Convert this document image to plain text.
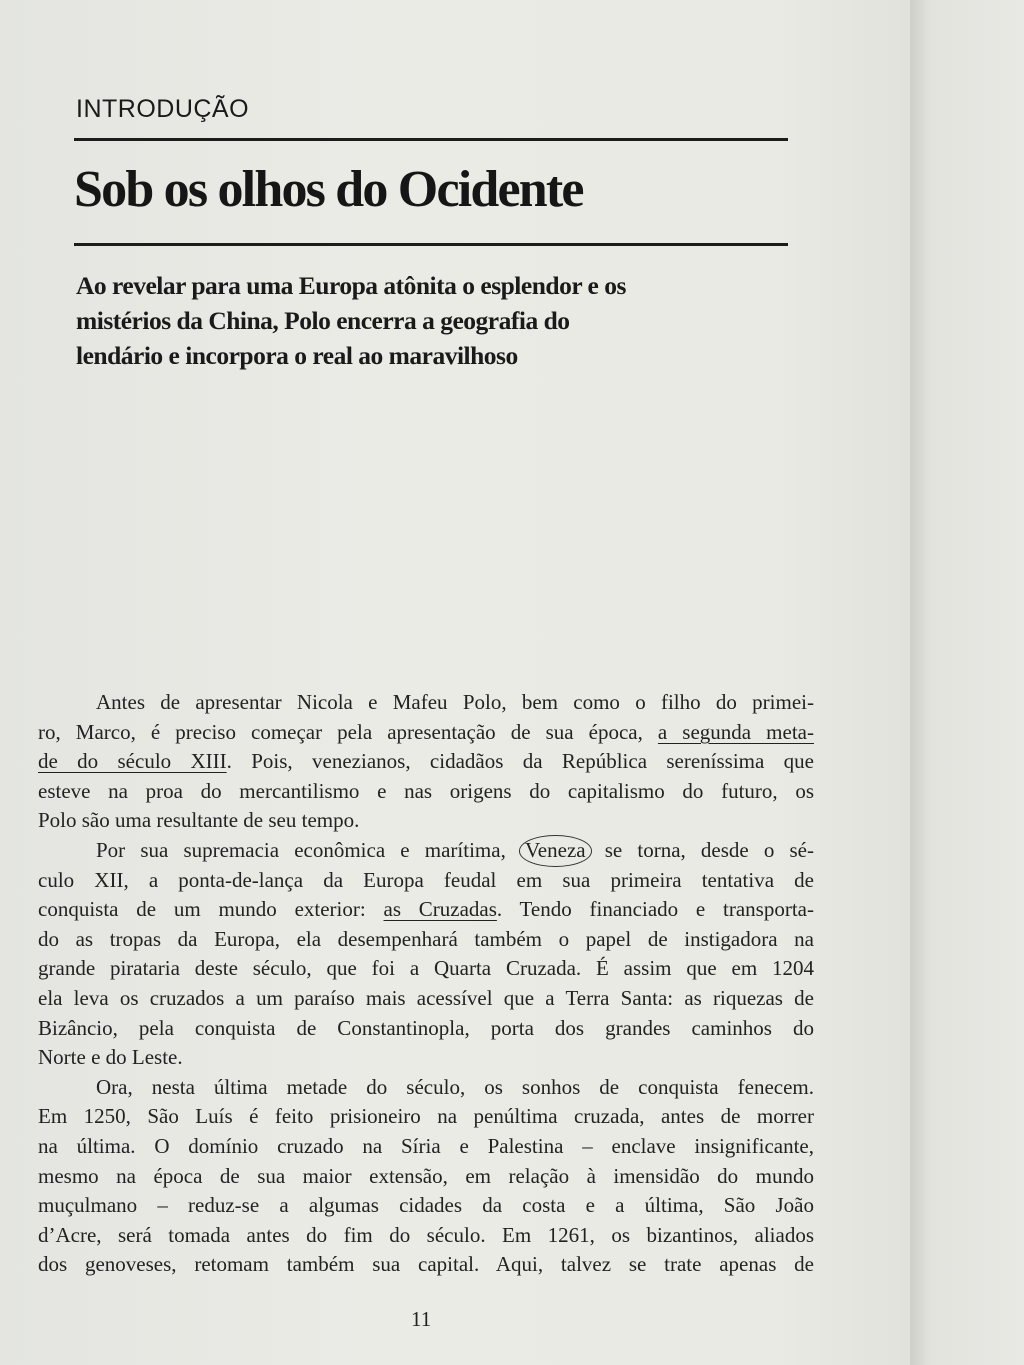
INTRODUÇÃO
Sob os olhos do Ocidente
Ao revelar para uma Europa atônita o esplendor e os
mistérios da China, Polo encerra a geografia do
lendário e incorpora o real ao maravilhoso
Antes de apresentar Nicola e Mafeu Polo, bem como o filho do primei-
ro, Marco, é preciso começar pela apresentação de sua época, a segunda meta-
de do século XIII. Pois, venezianos, cidadãos da República sereníssima que
esteve na proa do mercantilismo e nas origens do capitalismo do futuro, os
Polo são uma resultante de seu tempo.
Por sua supremacia econômica e marítima, Veneza se torna, desde o sé-
culo XII, a ponta-de-lança da Europa feudal em sua primeira tentativa de
conquista de um mundo exterior: as Cruzadas. Tendo financiado e transporta-
do as tropas da Europa, ela desempenhará também o papel de instigadora na
grande pirataria deste século, que foi a Quarta Cruzada. É assim que em 1204
ela leva os cruzados a um paraíso mais acessível que a Terra Santa: as riquezas de
Bizâncio, pela conquista de Constantinopla, porta dos grandes caminhos do
Norte e do Leste.
Ora, nesta última metade do século, os sonhos de conquista fenecem.
Em 1250, São Luís é feito prisioneiro na penúltima cruzada, antes de morrer
na última. O domínio cruzado na Síria e Palestina – enclave insignificante,
mesmo na época de sua maior extensão, em relação à imensidão do mundo
muçulmano – reduz-se a algumas cidades da costa e a última, São João
d’Acre, será tomada antes do fim do século. Em 1261, os bizantinos, aliados
dos genoveses, retomam também sua capital. Aqui, talvez se trate apenas de
11
